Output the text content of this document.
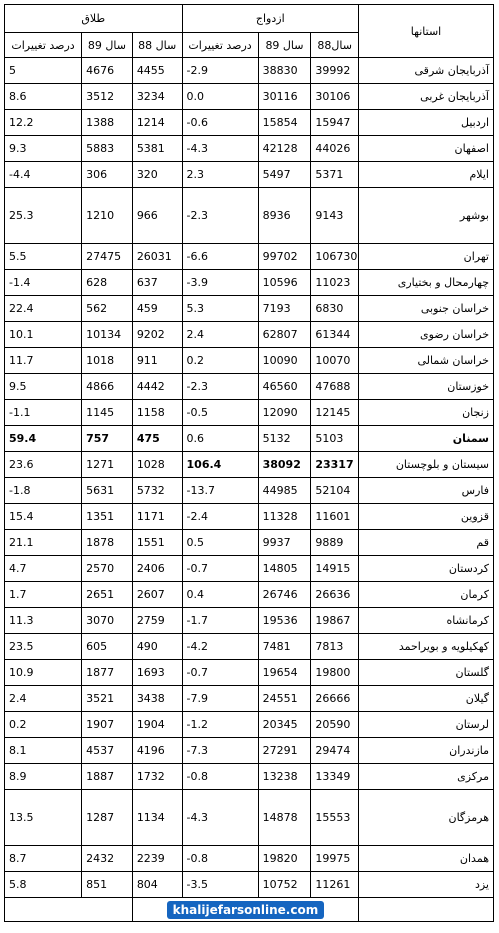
طلاق			ازدواج			استانها
درصد تغییرات	سال 89	سال 88	درصد تغییرات	سال 89	سال88	
5	4676	4455	-2.9	38830	39992	آذربایجان شرقی
8.6	3512	3234	0.0	30116	30106	آذربایجان غربی
12.2	1388	1214	-0.6	15854	15947	اردبیل
9.3	5883	5381	-4.3	42128	44026	اصفهان
-4.4	306	320	2.3	5497	5371	ایلام
25.3	1210	966	-2.3	8936	9143	بوشهر
5.5	27475	26031	-6.6	99702	106730	تهران
-1.4	628	637	-3.9	10596	11023	چهارمحال و بختیاری
22.4	562	459	5.3	7193	6830	خراسان جنوبی
10.1	10134	9202	2.4	62807	61344	خراسان رضوی
11.7	1018	911	0.2	10090	10070	خراسان شمالی
9.5	4866	4442	-2.3	46560	47688	خوزستان
-1.1	1145	1158	-0.5	12090	12145	زنجان
59.4	757	475	0.6	5132	5103	سمنان
23.6	1271	1028	106.4	38092	23317	سیستان و بلوچستان
-1.8	5631	5732	-13.7	44985	52104	فارس
15.4	1351	1171	-2.4	11328	11601	قزوین
21.1	1878	1551	0.5	9937	9889	قم
4.7	2570	2406	-0.7	14805	14915	کردستان
1.7	2651	2607	0.4	26746	26636	کرمان
11.3	3070	2759	-1.7	19536	19867	کرمانشاه
23.5	605	490	-4.2	7481	7813	کهکیلویه و بویراحمد
10.9	1877	1693	-0.7	19654	19800	گلستان
2.4	3521	3438	-7.9	24551	26666	گیلان
0.2	1907	1904	-1.2	20345	20590	لرستان
8.1	4537	4196	-7.3	27291	29474	مازندران
8.9	1887	1732	-0.8	13238	13349	مرکزی
13.5	1287	1134	-4.3	14878	15553	هرمزگان
8.7	2432	2239	-0.8	19820	19975	همدان
5.8	851	804	-3.5	10752	11261	یزد
		khalijefarsonline.com				
